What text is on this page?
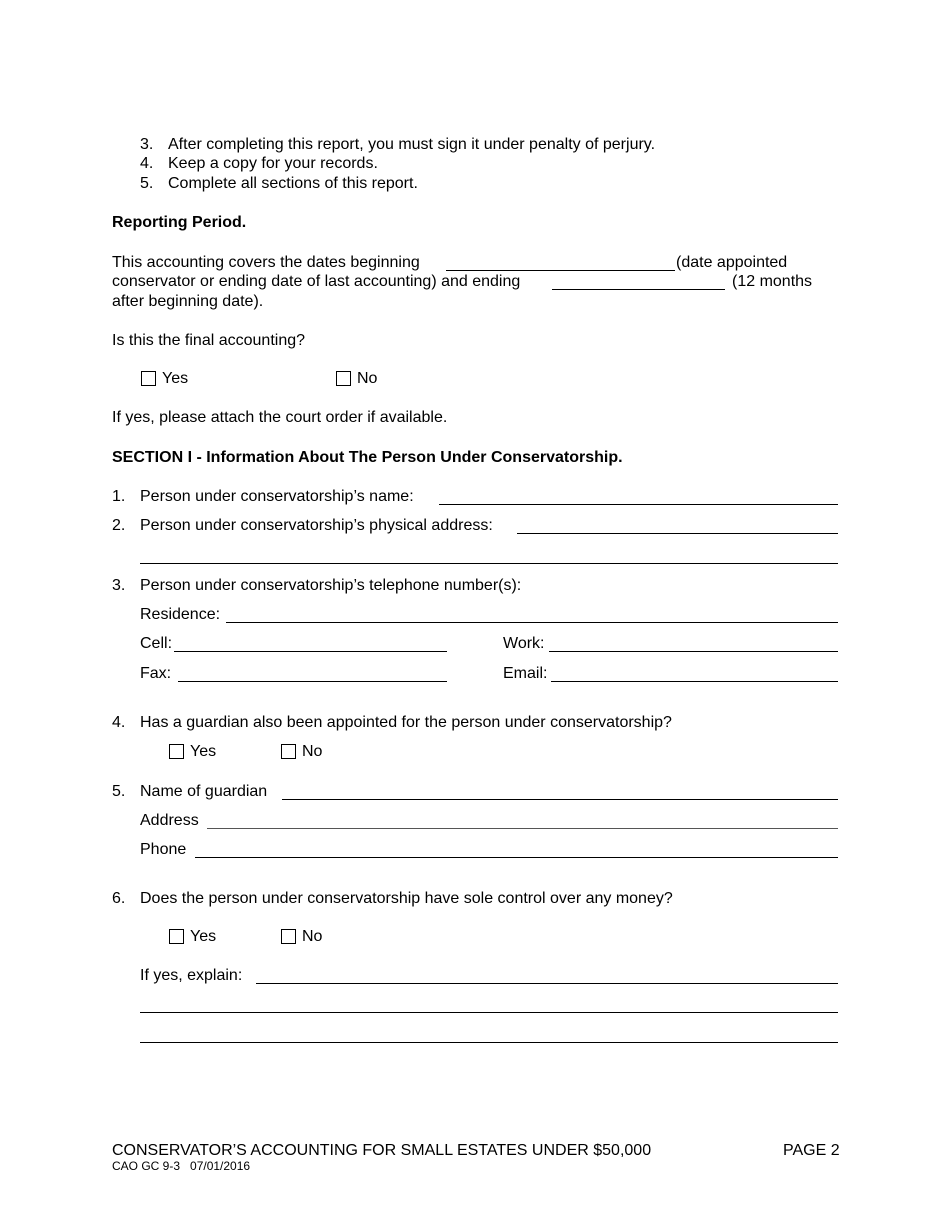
3. After completing this report, you must sign it under penalty of perjury.
4. Keep a copy for your records.
5. Complete all sections of this report.
Reporting Period.
This accounting covers the dates beginning	(date appointed
conservator or ending date of last accounting) and ending	(12 months
after beginning date).
Is this the final accounting?
Yes	No
If yes, please attach the court order if available.
SECTION I - Information About The Person Under Conservatorship.
1. Person under conservatorship’s name:
2. Person under conservatorship’s physical address:
3. Person under conservatorship’s telephone number(s):
Residence:
Cell:	Work:
Fax:	Email:
4. Has a guardian also been appointed for the person under conservatorship?
Yes	No
5. Name of guardian
Address
Phone
6. Does the person under conservatorship have sole control over any money?
Yes	No
If yes, explain:
CONSERVATOR’S ACCOUNTING FOR SMALL ESTATES UNDER $50,000	PAGE 2
CAO GC 9-3   07/01/2016
